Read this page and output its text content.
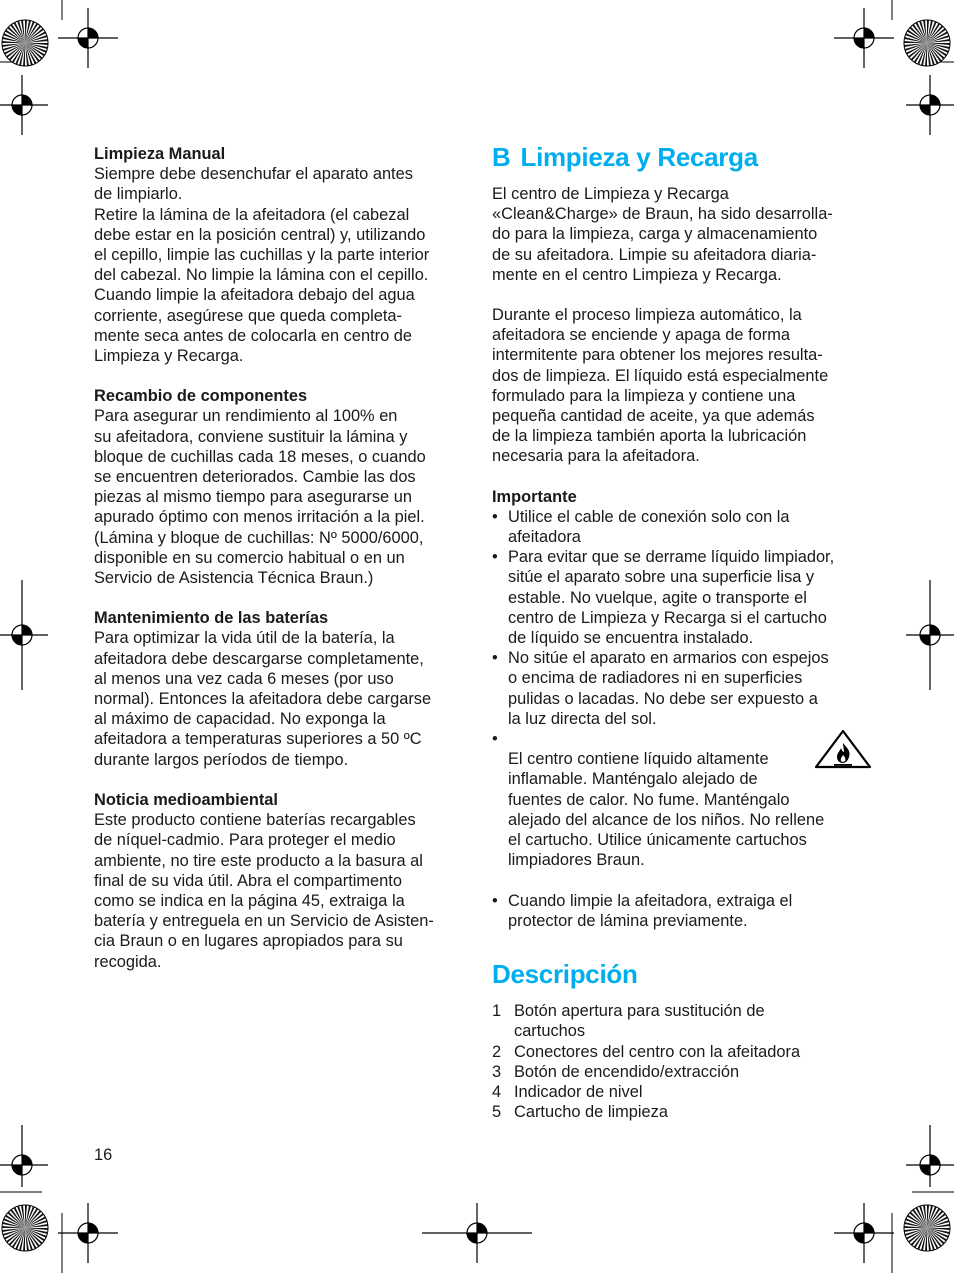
Limpieza Manual
Siempre debe desenchufar el aparato antes
de limpiarlo.
Retire la lámina de la afeitadora (el cabezal
debe estar en la posición central) y, utilizando
el cepillo, limpie las cuchillas y la parte interior
del cabezal. No limpie la lámina con el cepillo.
Cuando limpie la afeitadora debajo del agua
corriente, asegúrese que queda completa-
mente seca antes de colocarla en centro de
Limpieza y Recarga.
Recambio de componentes
Para asegurar un rendimiento al 100% en
su afeitadora, conviene sustituir la lámina y
bloque de cuchillas cada 18 meses, o cuando
se encuentren deteriorados. Cambie las dos
piezas al mismo tiempo para asegurarse un
apurado óptimo con menos irritación a la piel.
(Lámina y bloque de cuchillas: Nº 5000/6000,
disponible en su comercio habitual o en un
Servicio de Asistencia Técnica Braun.)
Mantenimiento de las baterías
Para optimizar la vida útil de la batería, la
afeitadora debe descargarse completamente,
al menos una vez cada 6 meses (por uso
normal). Entonces la afeitadora debe cargarse
al máximo de capacidad. No exponga la
afeitadora a temperaturas superiores a 50 ºC
durante largos períodos de tiempo.
Noticia medioambiental
Este producto contiene baterías recargables
de níquel-cadmio. Para proteger el medio
ambiente, no tire este producto a la basura al
final de su vida útil. Abra el compartimento
como se indica en la página 45, extraiga la
batería y entreguela en un Servicio de Asisten-
cia Braun o en lugares apropiados para su
recogida.
B Limpieza y Recarga
El centro de Limpieza y Recarga
«Clean&Charge» de Braun, ha sido desarrolla-
do para la limpieza, carga y almacenamiento
de su afeitadora. Limpie su afeitadora diaria-
mente en el centro Limpieza y Recarga.
Durante el proceso limpieza automático, la
afeitadora se enciende y apaga de forma
intermitente para obtener los mejores resulta-
dos de limpieza. El líquido está especialmente
formulado para la limpieza y contiene una
pequeña cantidad de aceite, ya que además
de la limpieza también aporta la lubricación
necesaria para la afeitadora.
Importante
• Utilice el cable de conexión solo con la
afeitadora
• Para evitar que se derrame líquido limpiador,
sitúe el aparato sobre una superficie lisa y
estable. No vuelque, agite o transporte el
centro de Limpieza y Recarga si el cartucho
de líquido se encuentra instalado.
• No sitúe el aparato en armarios con espejos
o encima de radiadores ni en superficies
pulidas o lacadas. No debe ser expuesto a
la luz directa del sol.

• El centro contiene líquido altamente
inflamable. Manténgalo alejado de
fuentes de calor. No fume. Manténgalo
alejado del alcance de los niños. No rellene
el cartucho. Utilice únicamente cartuchos
limpiadores Braun.

• Cuando limpie la afeitadora, extraiga el
protector de lámina previamente.
Descripción
1 Botón apertura para sustitución de
cartuchos
2 Conectores del centro con la afeitadora
3 Botón de encendido/extracción
4 Indicador de nivel
5 Cartucho de limpieza
16
